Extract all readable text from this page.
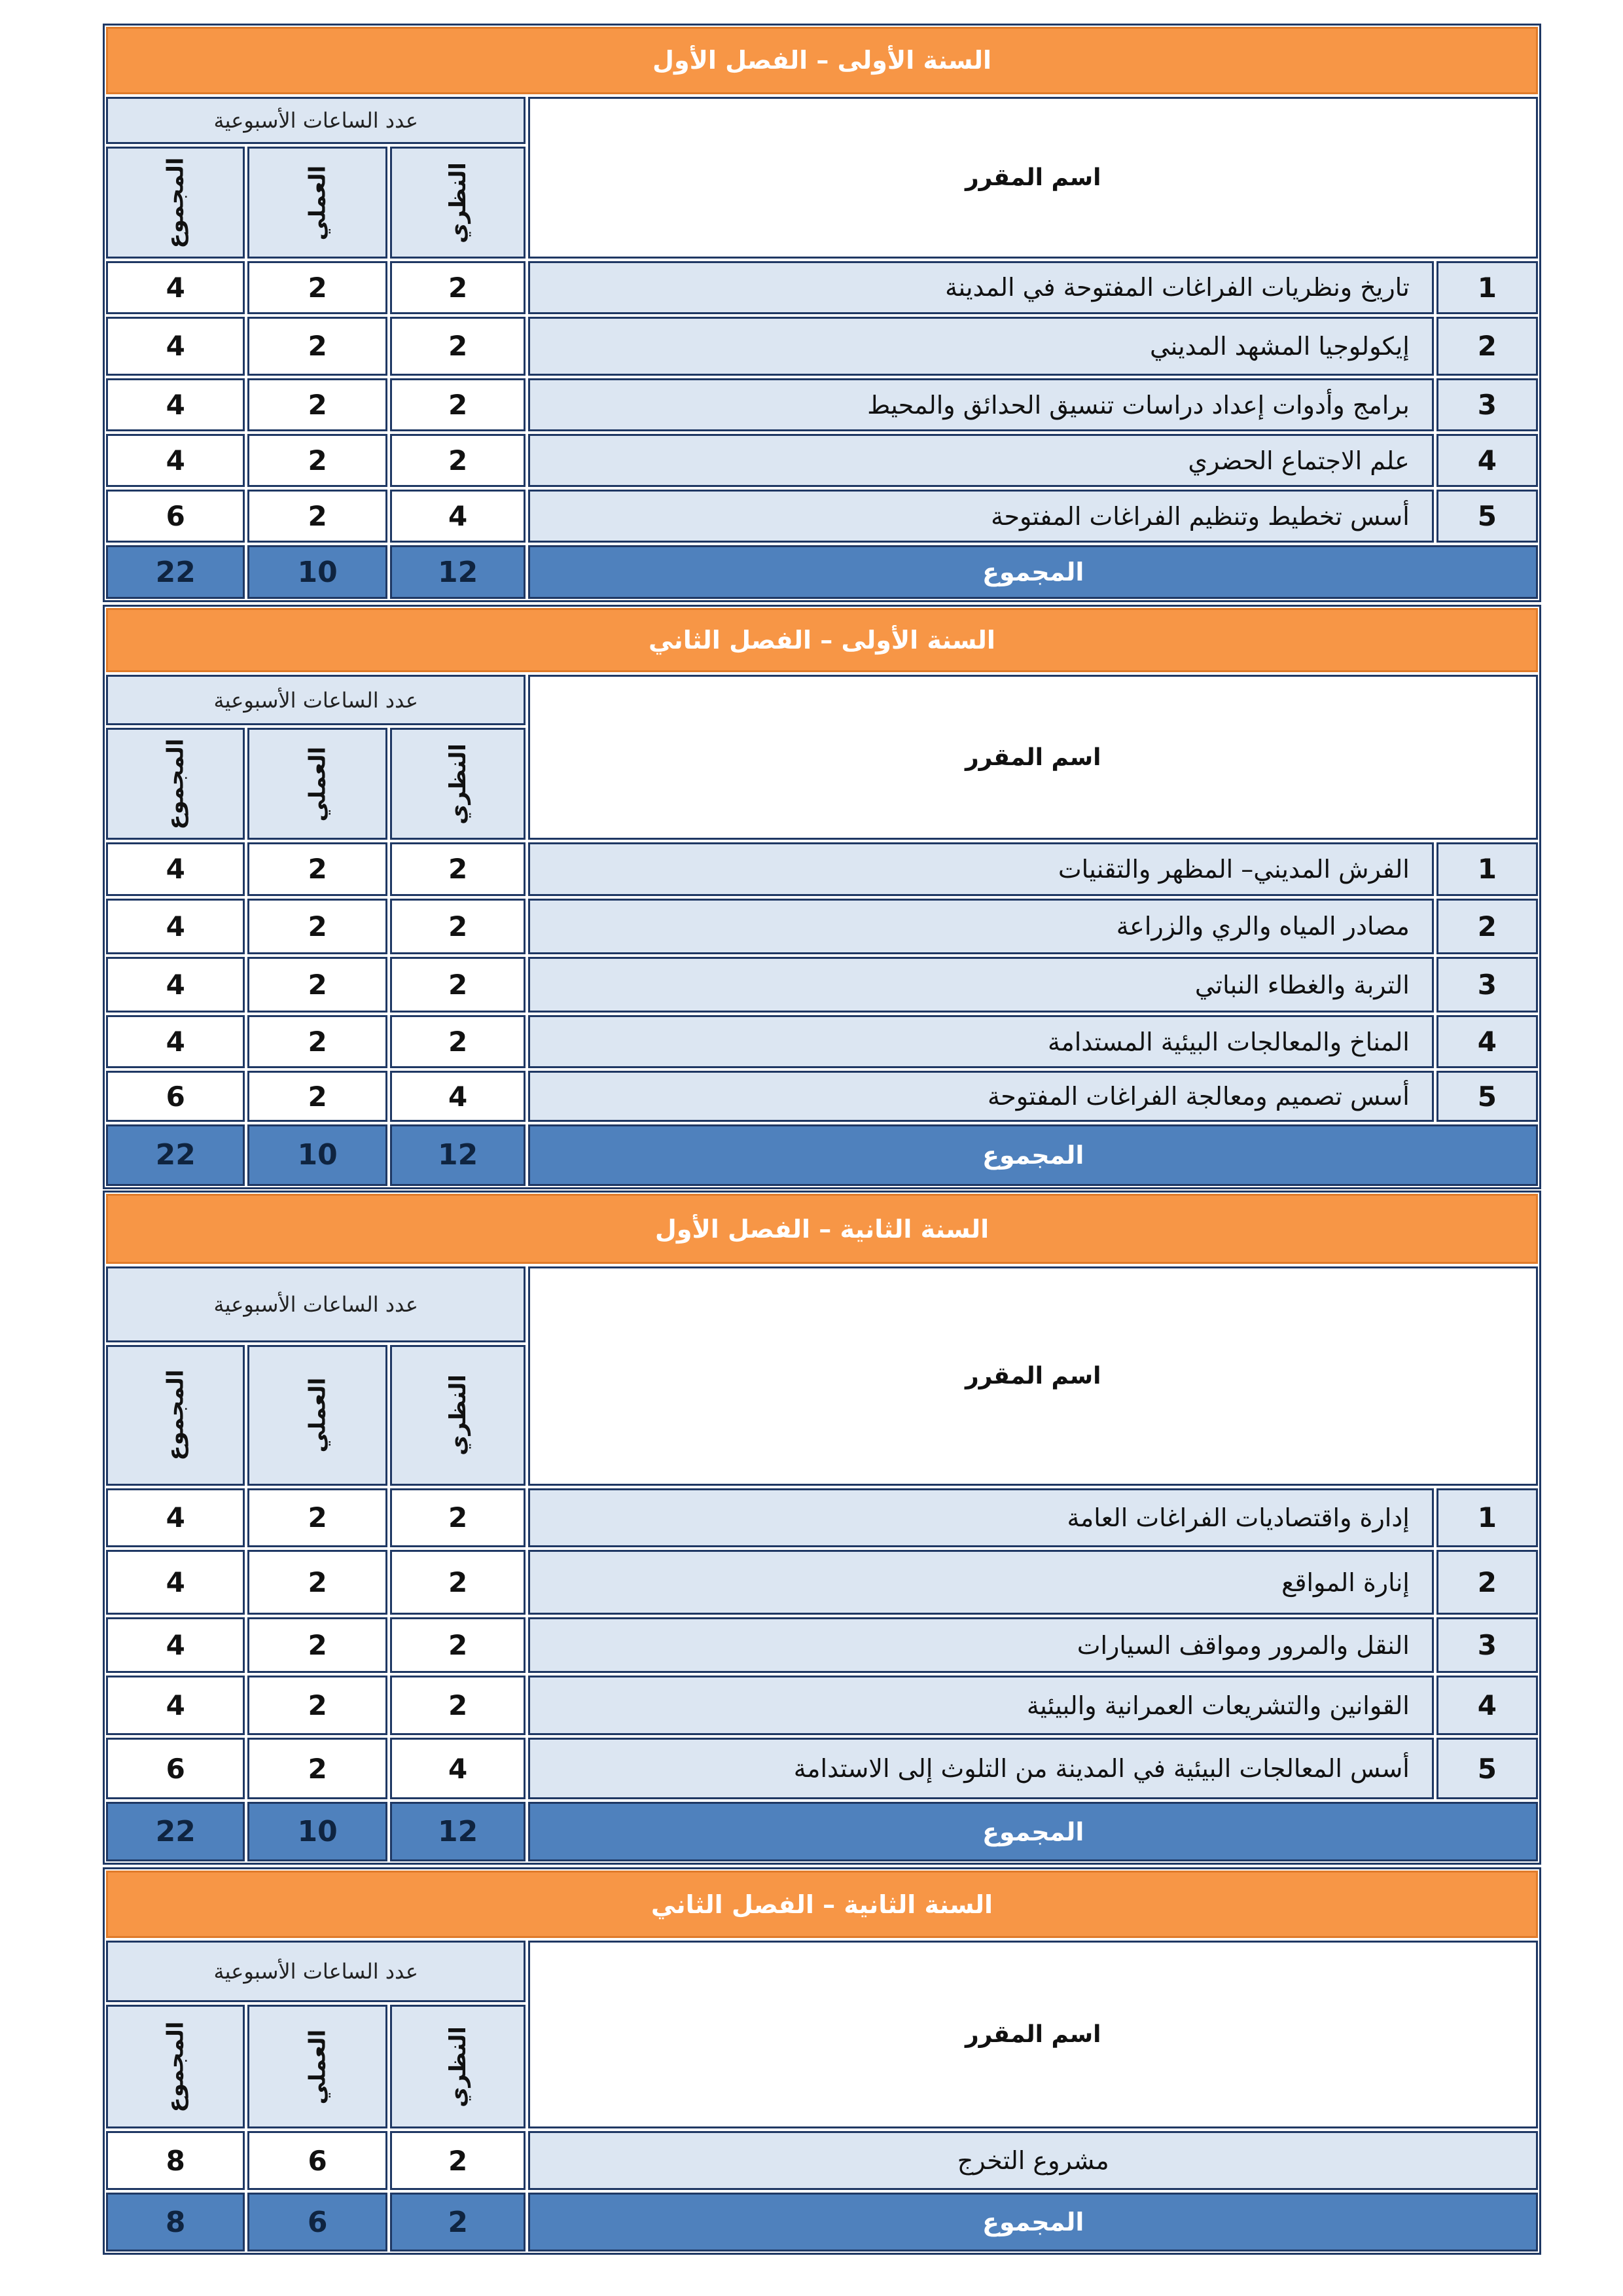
السنة الأولى – الفصل الأول
عدد الساعات الأسبوعية
اسم المقرر
المجموع	العملي	النظري
4	2	2	تاريخ ونظريات الفراغات المفتوحة في المدينة	1
4	2	2	إيكولوجيا المشهد المديني	2
4	2	2	برامج وأدوات إعداد دراسات تنسيق الحدائق والمحيط	3
4	2	2	علم الاجتماع الحضري	4
6	2	4	أسس تخطيط وتنظيم الفراغات المفتوحة	5
22	10	12	المجموع
السنة الأولى – الفصل الثاني
عدد الساعات الأسبوعية
اسم المقرر
المجموع	العملي	النظري
4	2	2	الفرش المديني– المظهر والتقنيات	1
4	2	2	مصادر المياه والري والزراعة	2
4	2	2	التربة والغطاء النباتي	3
4	2	2	المناخ والمعالجات البيئية المستدامة	4
6	2	4	أسس تصميم ومعالجة الفراغات المفتوحة	5
22	10	12	المجموع
السنة الثانية – الفصل الأول
عدد الساعات الأسبوعية
اسم المقرر
المجموع	العملي	النظري
4	2	2	إدارة واقتصاديات الفراغات العامة	1
4	2	2	إنارة المواقع	2
4	2	2	النقل والمرور ومواقف السيارات	3
4	2	2	القوانين والتشريعات العمرانية والبيئية	4
6	2	4	أسس المعالجات البيئية في المدينة من التلوث إلى الاستدامة	5
22	10	12	المجموع
السنة الثانية – الفصل الثاني
عدد الساعات الأسبوعية
اسم المقرر
المجموع	العملي	النظري
8	6	2	مشروع التخرج
8	6	2	المجموع
